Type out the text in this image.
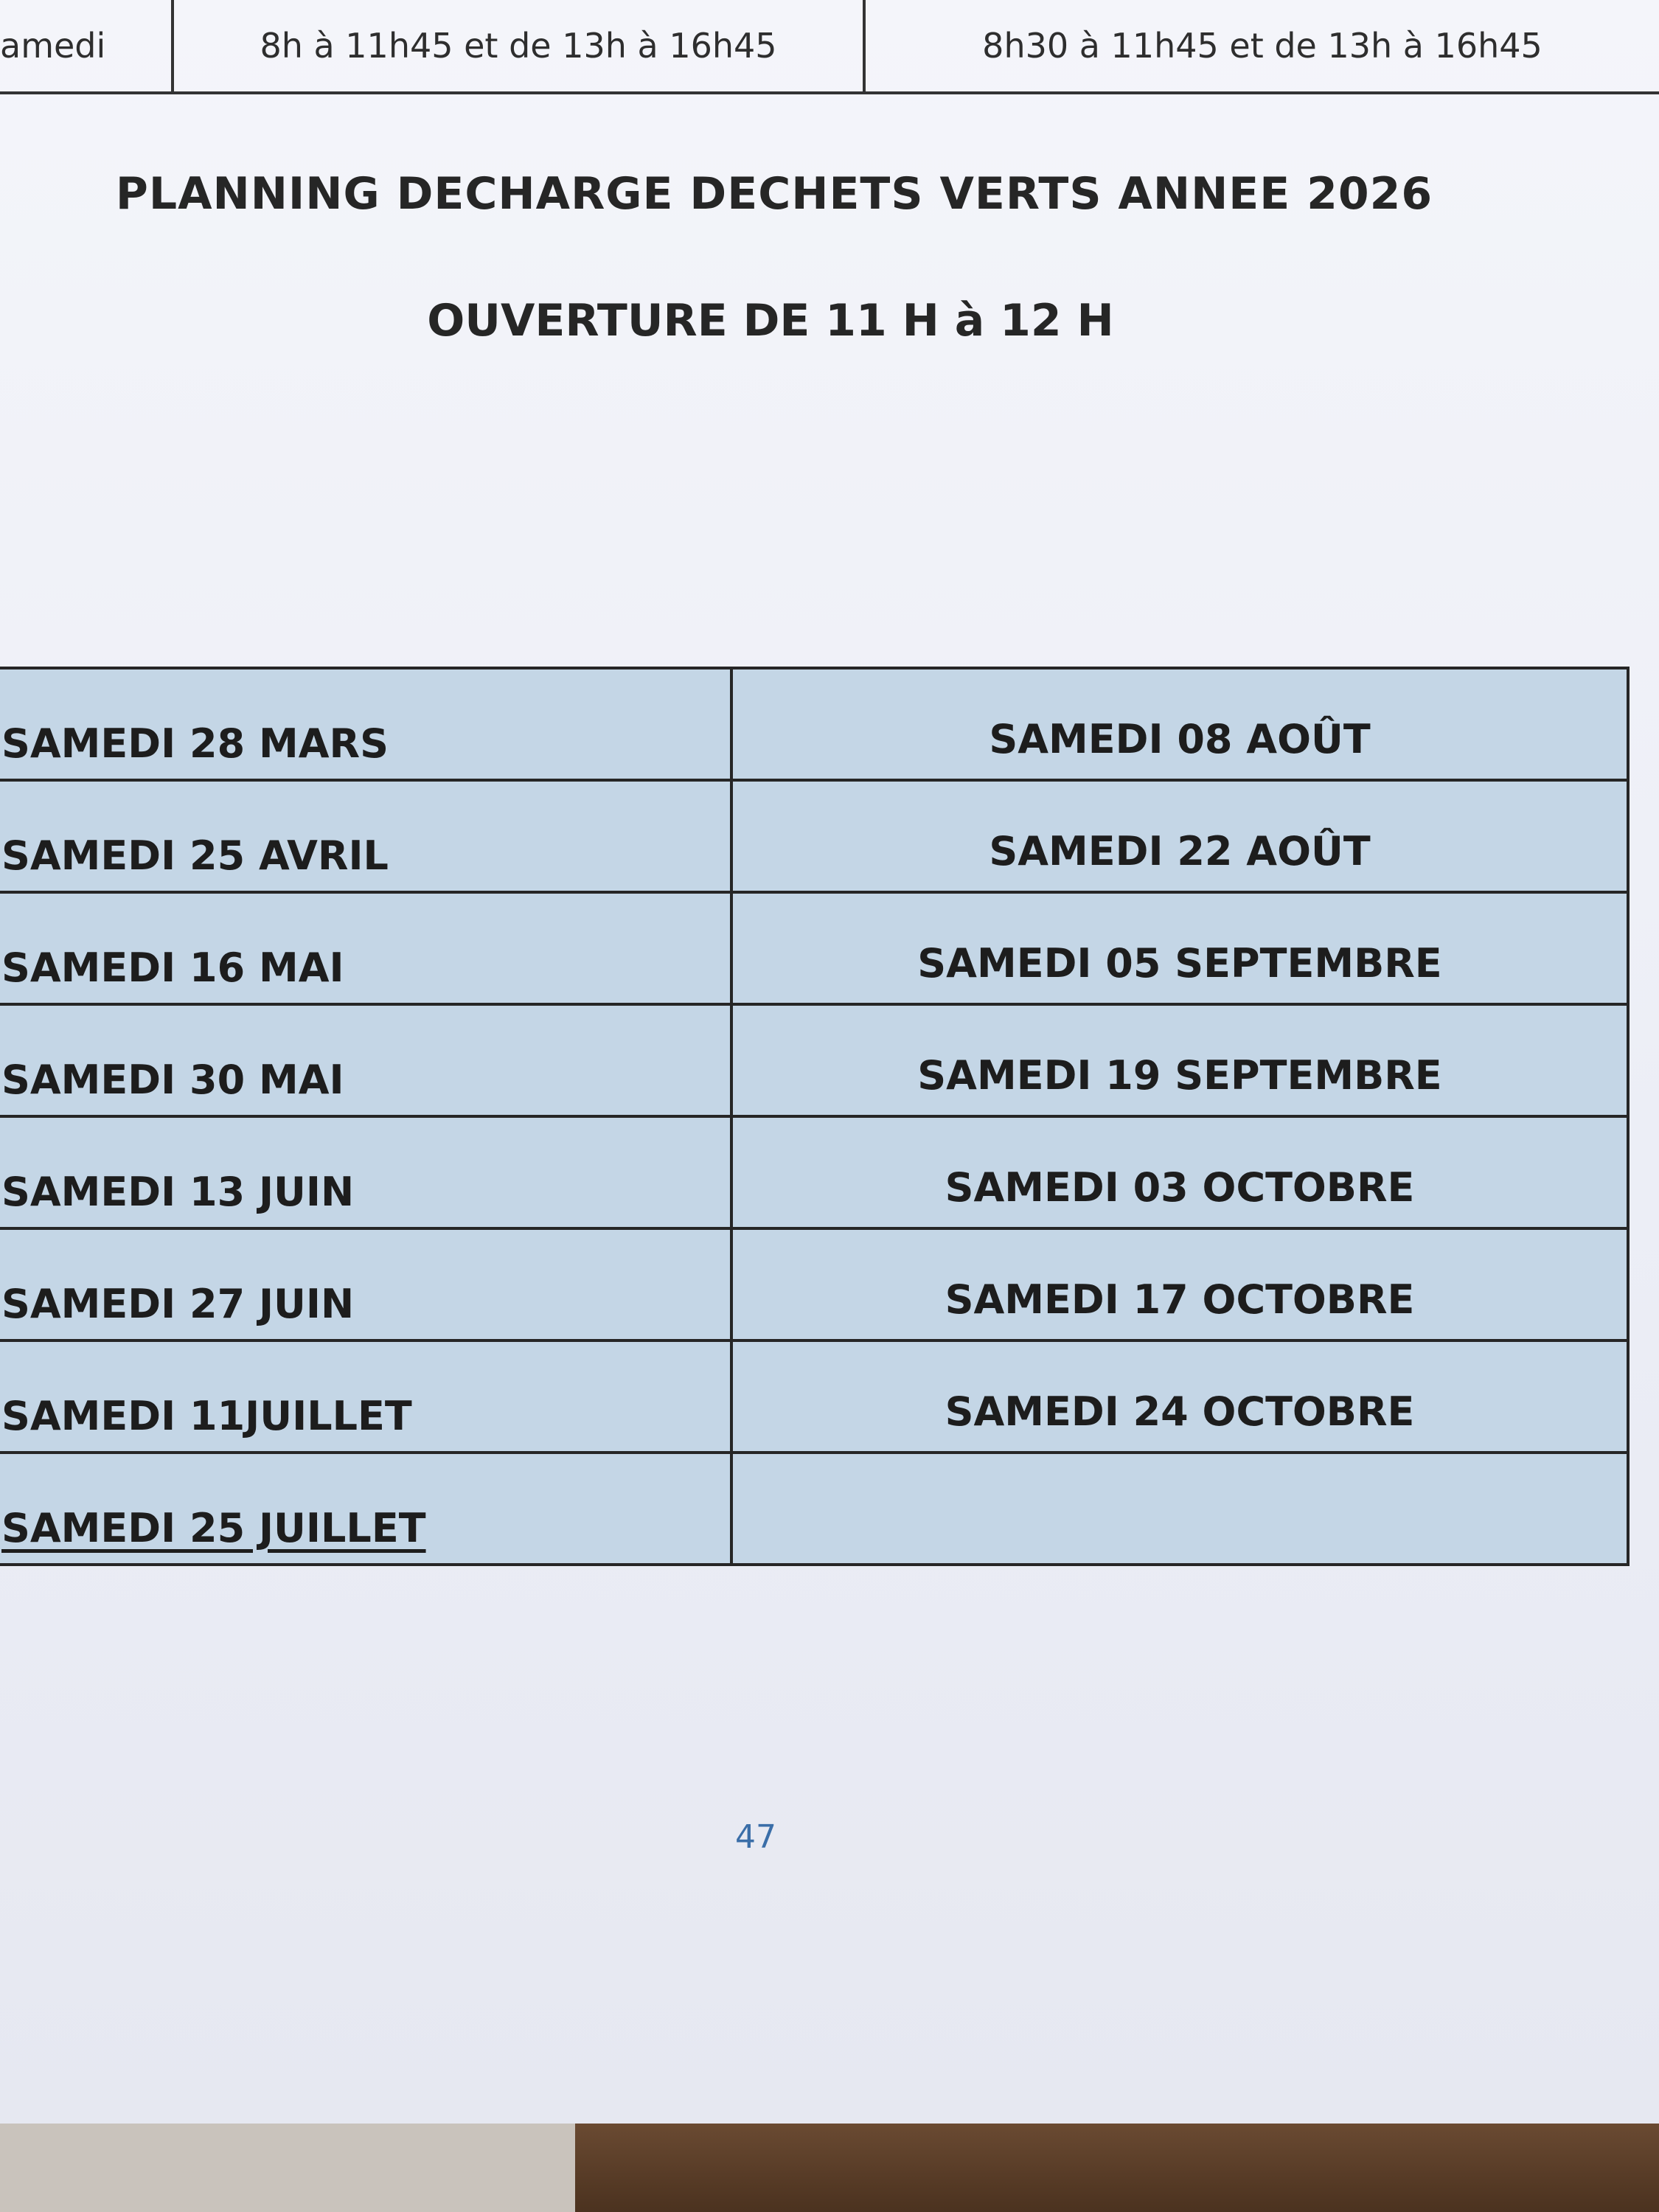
amedi	8h à 11h45 et de 13h à 16h45	8h30 à 11h45 et de 13h à 16h45
PLANNING DECHARGE DECHETS VERTS ANNEE 2026
OUVERTURE DE 11 H à 12 H
SAMEDI 28 MARS	SAMEDI 08 AOÛT
SAMEDI 25 AVRIL	SAMEDI 22 AOÛT
SAMEDI 16 MAI	SAMEDI 05 SEPTEMBRE
SAMEDI 30 MAI	SAMEDI 19 SEPTEMBRE
SAMEDI 13 JUIN	SAMEDI 03 OCTOBRE
SAMEDI 27 JUIN	SAMEDI 17 OCTOBRE
SAMEDI 11JUILLET	SAMEDI 24 OCTOBRE
SAMEDI 25 JUILLET	
47
